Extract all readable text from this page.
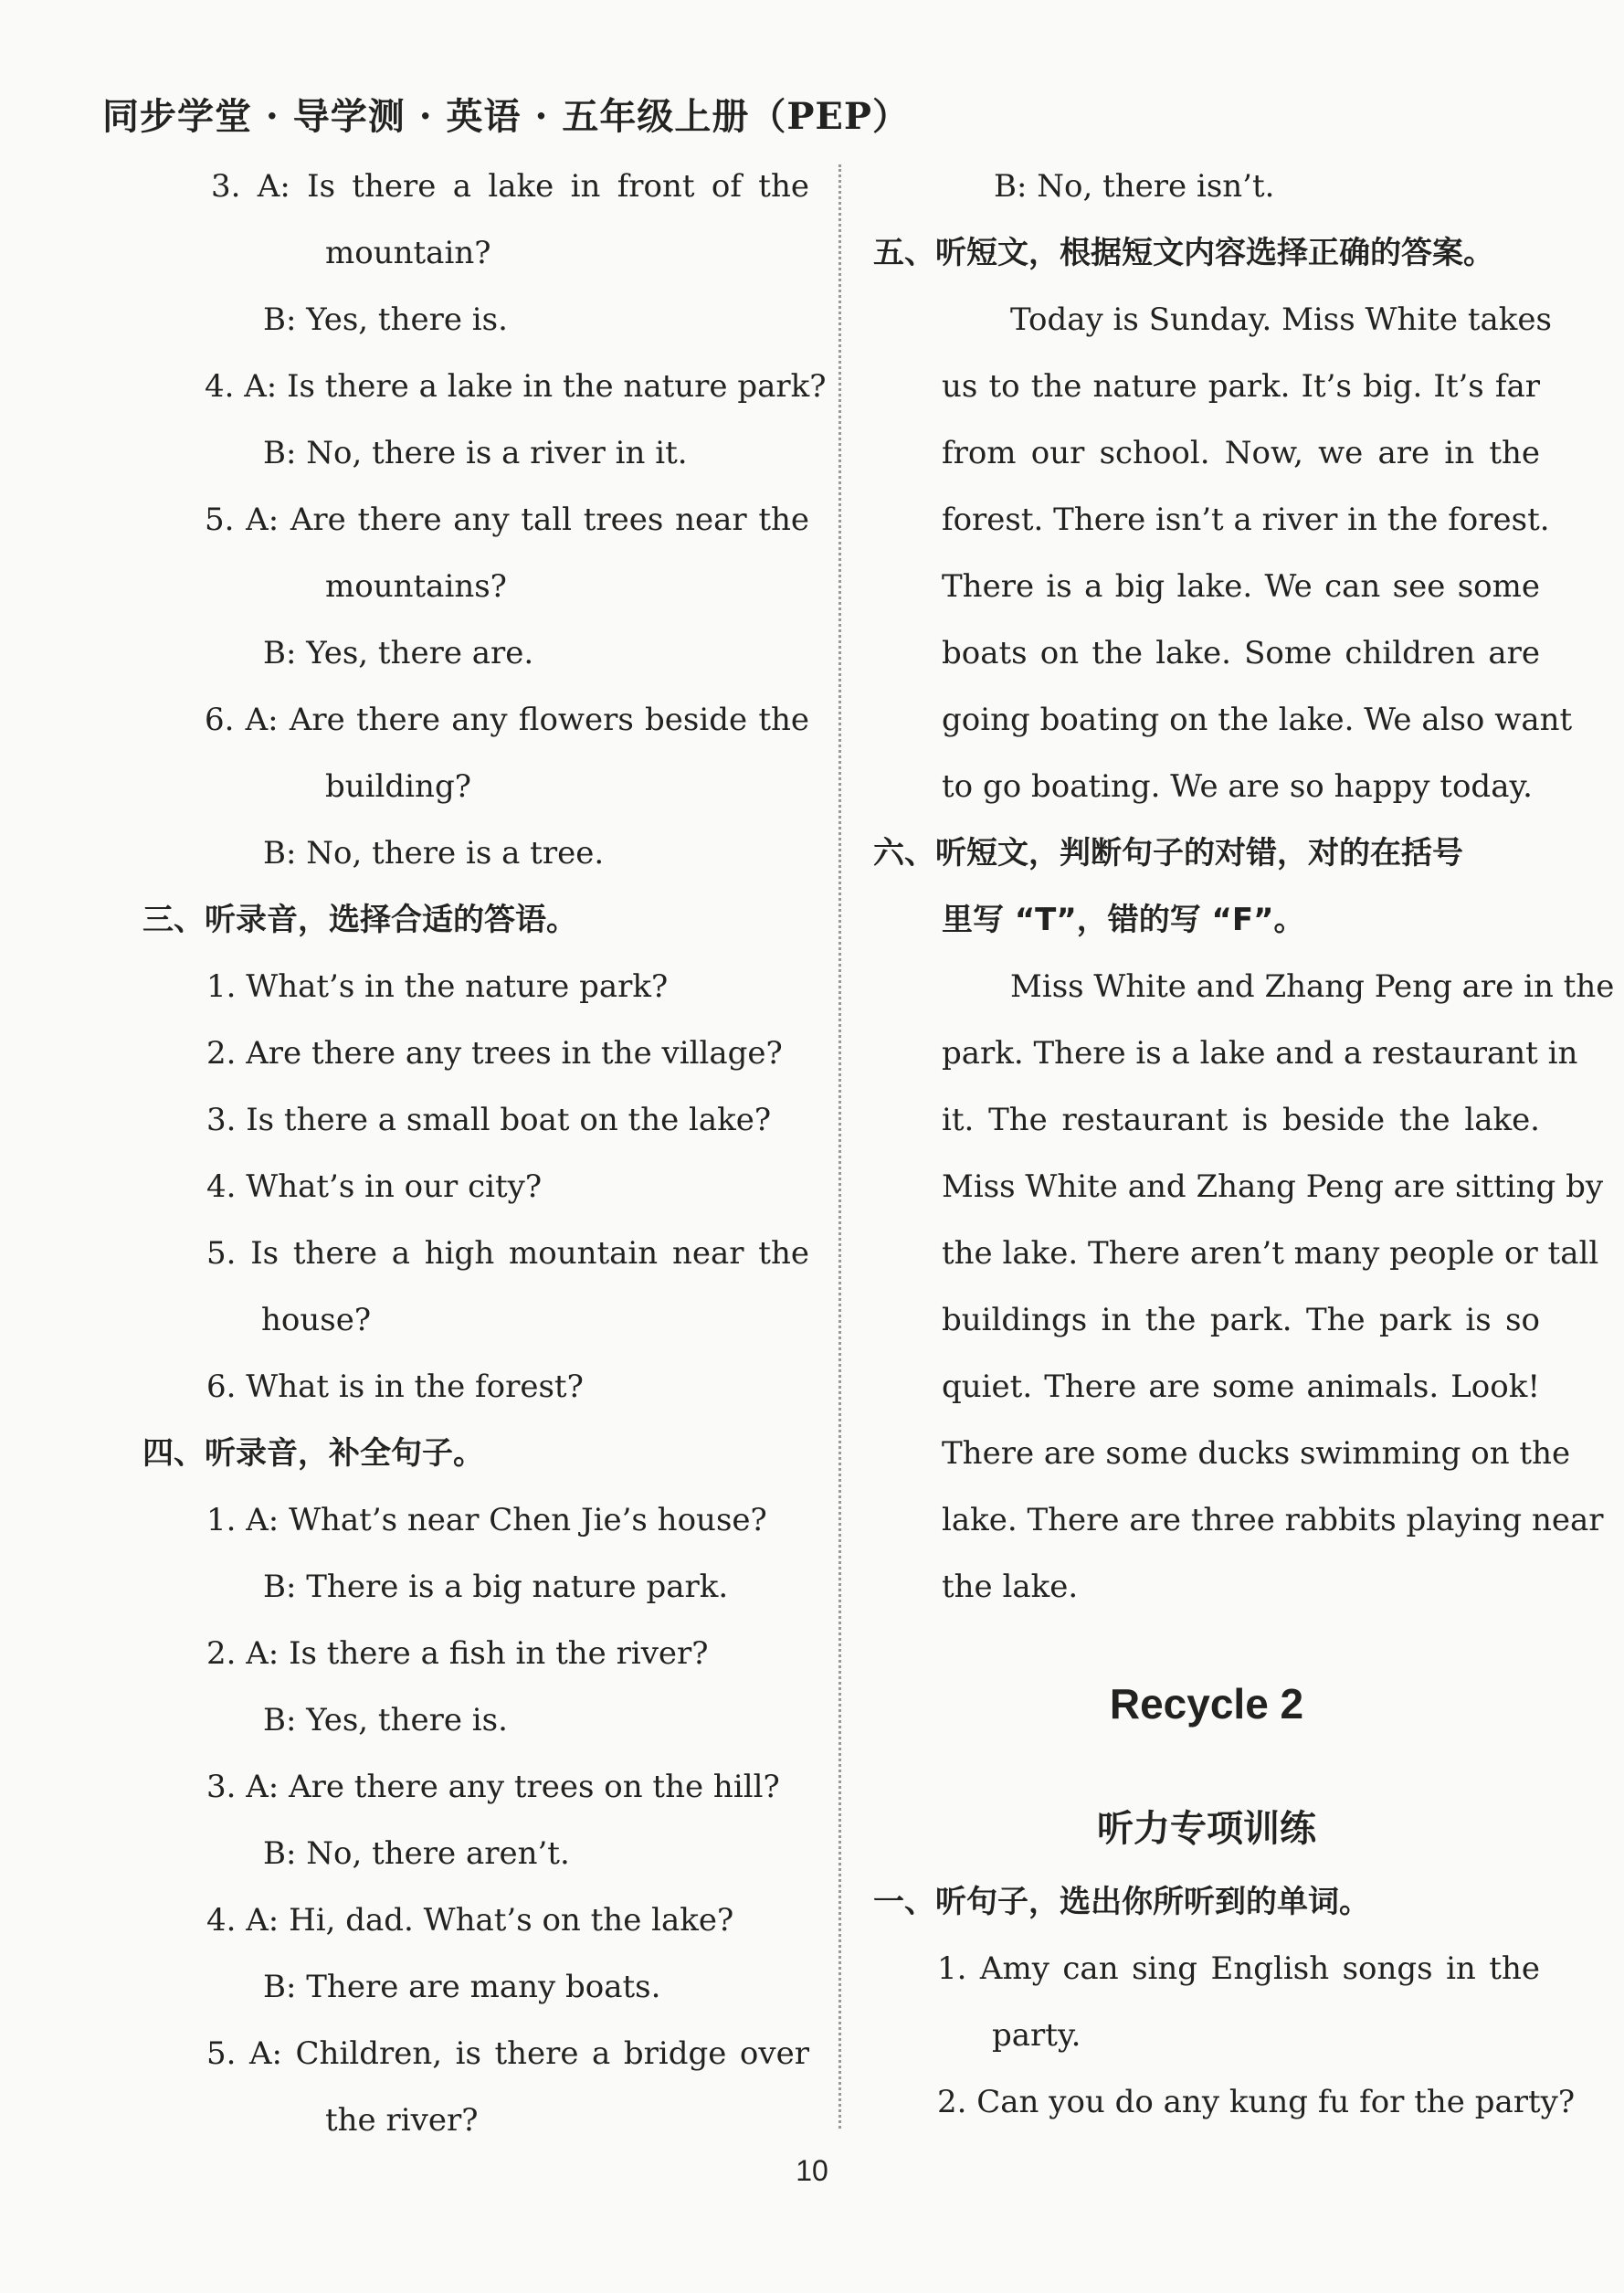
同步学堂 · 导学测 · 英语 · 五年级上册（PEP）
3. A: Is there a lake in front of the
mountain?
B: Yes, there is.
4. A: Is there a lake in the nature park?
B: No, there is a river in it.
5. A: Are there any tall trees near the
mountains?
B: Yes, there are.
6. A: Are there any flowers beside the
building?
B: No, there is a tree.
三、听录音，选择合适的答语。
1. What’s in the nature park?
2. Are there any trees in the village?
3. Is there a small boat on the lake?
4. What’s in our city?
5. Is there a high mountain near the
house?
6. What is in the forest?
四、听录音，补全句子。
1. A: What’s near Chen Jie’s house?
B: There is a big nature park.
2. A: Is there a fish in the river?
B: Yes, there is.
3. A: Are there any trees on the hill?
B: No, there aren’t.
4. A: Hi, dad. What’s on the lake?
B: There are many boats.
5. A: Children, is there a bridge over
the river?
B: No, there isn’t.
五、听短文，根据短文内容选择正确的答案。
Today is Sunday. Miss White takes
us to the nature park. It’s big. It’s far
from our school. Now, we are in the
forest. There isn’t a river in the forest.
There is a big lake. We can see some
boats on the lake. Some children are
going boating on the lake. We also want
to go boating. We are so happy today.
六、听短文，判断句子的对错，对的在括号
里写 “T”，错的写 “F”。
Miss White and Zhang Peng are in the
park. There is a lake and a restaurant in
it. The restaurant is beside the lake.
Miss White and Zhang Peng are sitting by
the lake. There aren’t many people or tall
buildings in the park. The park is so
quiet. There are some animals. Look!
There are some ducks swimming on the
lake. There are three rabbits playing near
the lake.
Recycle 2
听力专项训练
一、听句子，选出你所听到的单词。
1. Amy can sing English songs in the
party.
2. Can you do any kung fu for the party?
10
